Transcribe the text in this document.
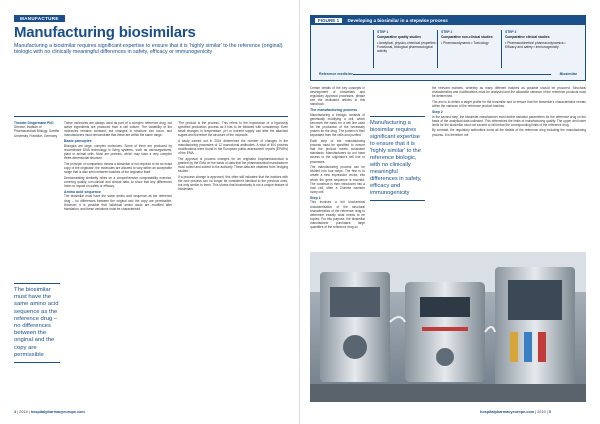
MANUFACTURE
Manufacturing biosimilars
Manufacturing a biosimilar requires significant expertise to ensure that it is 'highly similar' to the reference (original) biologic with no clinically meaningful differences in safety, efficacy or immunogenicity
Theodor Dingermann PhD
Director, Institute of Pharmaceutical Biology, Goethe University, Frankfurt, Germany
The biosimilar must have the same amino acid sequence as the reference drug – no differences between the original and the copy are permissible

These molecules are always used as part of a complex reference drug, but active ingredients are produced from a cell culture. The variability of the molecules remains constant, but changes in structure can occur, and manufacturers must demonstrate that these are within the same range.

Basic principles

Biologics are large, complex molecules. Some of them are produced by recombinant DNA technology in living systems, such as microorganisms, plant or animal cells. Most are proteins, which may have a very complex three-dimensional structure.

The principle of comparison means a biosimilar is not required to be an exact copy of the originator; the molecules are allowed to vary within an acceptable range that is also seen between batches of the originator itself.

Demonstrating similarity relies on a comprehensive comparability exercise, covering quality, non-clinical and clinical data, to show that any differences have no impact on safety or efficacy.

Amino acid sequence

The biosimilar must have the same amino acid sequence as the reference drug – no differences between the original and the copy are permissible. However, it is possible that individual amino acids are modified after translation, and these variations must be characterised.

'The product is the process'. This refers to the importance of a rigorously specified production process as it has to be followed with consistency. Even small changes in temperature, pH or nutrient supply can alter the attached sugars and therefore the structure of the molecule.

A study carried out in 2016 determined the number of changes in the manufacturing processes of 12 monoclonal antibodies. A total of 404 process modifications were found in the European public assessment reports (EPARs) of the EMA.

The approval of process changes for an originator biopharmaceutical is granted by the EMA on the basis of data that the pharmaceutical manufacturer must collect and submit to the authority. These data are obtained from 'bridging studies'.

If a process change is approved, this often still indicates that the batches with the new process can no longer be considered identical to the previous ones, but only similar to them. This shows that biosimilarity is not a unique feature of biosimilars.

4 | 2019 | hospitalpharmacyeurope.com
FIGURE 1 Developing a biosimilar in a stepwise process
STEP 1
Comparative quality studies
• Analytical, physico-chemical properties • Functional, biological pharmacological activity
STEP 2
Comparative non-clinical studies
• Pharmacodynamic • Toxicology
STEP 3
Comparative clinical studies
• Pharmacokinetics/ pharmacodynamics • Efficacy and safety • Immunogenicity
Reference medicine	Biosimilar

Certain details of the key concepts in development of biosimilars and regulatory approval processes, please see the dedicated articles in this handbook.

The manufacturing process

Manufacturing a biologic consists of genetically modifying a cell, which becomes the basis for a cell line used for the production of the necessary protein for the drug. The protein is then separated from the cells and purified.

Each step of the manufacturing process must be specified to ensure that the product meets consistent standards. Manufacturers do not have access to the originator's cell line or processes.

The manufacturing process can be divided into four steps. The first is to create a new expression vector, into which the gene sequence is inserted. The construct is then introduced into a host cell, often a Chinese hamster ovary cell.

Step 1

This involves a full biochemical characterisation of the structural characteristics of the reference drug to determine exactly what needs to be copied. For this purpose, the biosimilar manufacturer purchases large quantities of the reference drug on

Manufacturing a biosimilar requires significant expertise to ensure that it is 'highly similar' to the reference biologic, with no clinically meaningful differences in safety, efficacy and immunogenicity

the relevant markets, whereby as many different batches as possible should be procured. Structural characteristics and modifications must be analysed and the allowable variance of the reference products must be determined.

The aim is to define a target profile for the biosimilar and to ensure that the biosimilar's characteristics remain within the variance of the reference product batches.

Step 2

In the second step, the biosimilar manufacturer must define variation parameters for the reference drug on the basis of the analytical data collected. This determines the limits of manufacturing quality. The upper and lower limits for the biosimilar must not exceed or fall below the corresponding limits of the reference drug.

By contrast, the regulatory authorities know all the details of the reference drug including the manufacturing process. It is therefore not

hospitalpharmacyeurope.com | 2019 | 5
